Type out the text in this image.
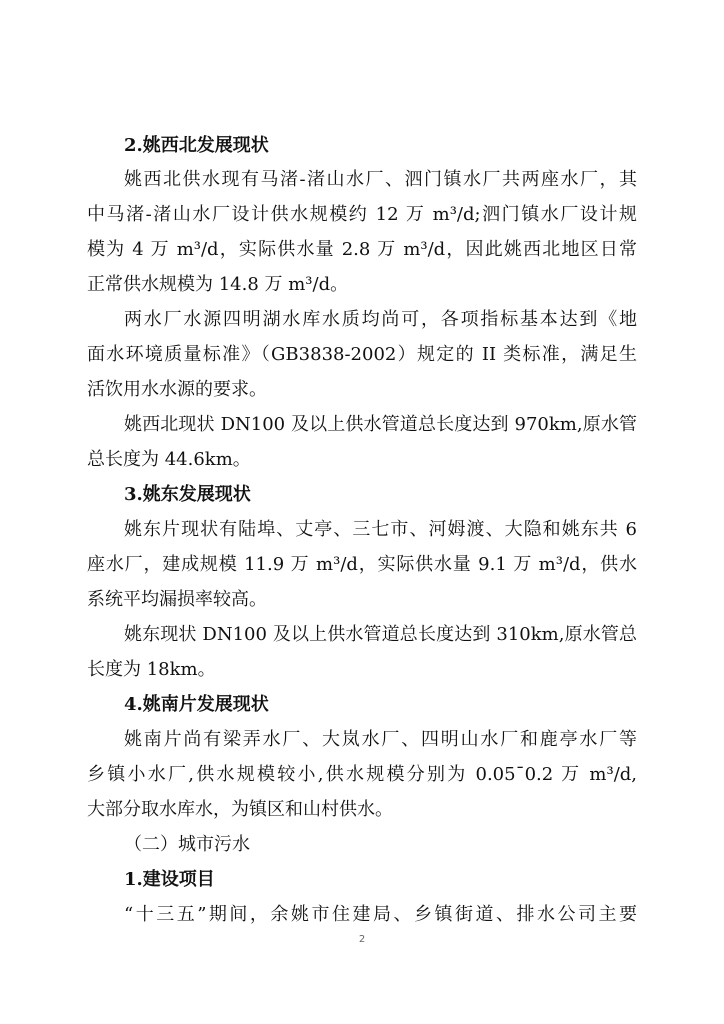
2.姚西北发展现状
姚西北供水现有马渚-渚山水厂、泗门镇水厂共两座水厂，其
中马渚-渚山水厂设计供水规模约 12 万 m³/d;泗门镇水厂设计规
模为 4 万 m³/d，实际供水量 2.8 万 m³/d，因此姚西北地区日常
正常供水规模为 14.8 万 m³/d。
两水厂水源四明湖水库水质均尚可，各项指标基本达到《地
面水环境质量标准》（GB3838-2002）规定的 II 类标准，满足生
活饮用水水源的要求。
姚西北现状 DN100 及以上供水管道总长度达到 970km,原水管
总长度为 44.6km。
3.姚东发展现状
姚东片现状有陆埠、丈亭、三七市、河姆渡、大隐和姚东共 6
座水厂，建成规模 11.9 万 m³/d，实际供水量 9.1 万 m³/d，供水
系统平均漏损率较高。
姚东现状 DN100 及以上供水管道总长度达到 310km,原水管总
长度为 18km。
4.姚南片发展现状
姚南片尚有梁弄水厂、大岚水厂、四明山水厂和鹿亭水厂等
乡镇小水厂,供水规模较小,供水规模分别为 0.05¯0.2 万 m³/d,
大部分取水库水，为镇区和山村供水。
（二）城市污水
1.建设项目
“十三五”期间，余姚市住建局、乡镇街道、排水公司主要
2
